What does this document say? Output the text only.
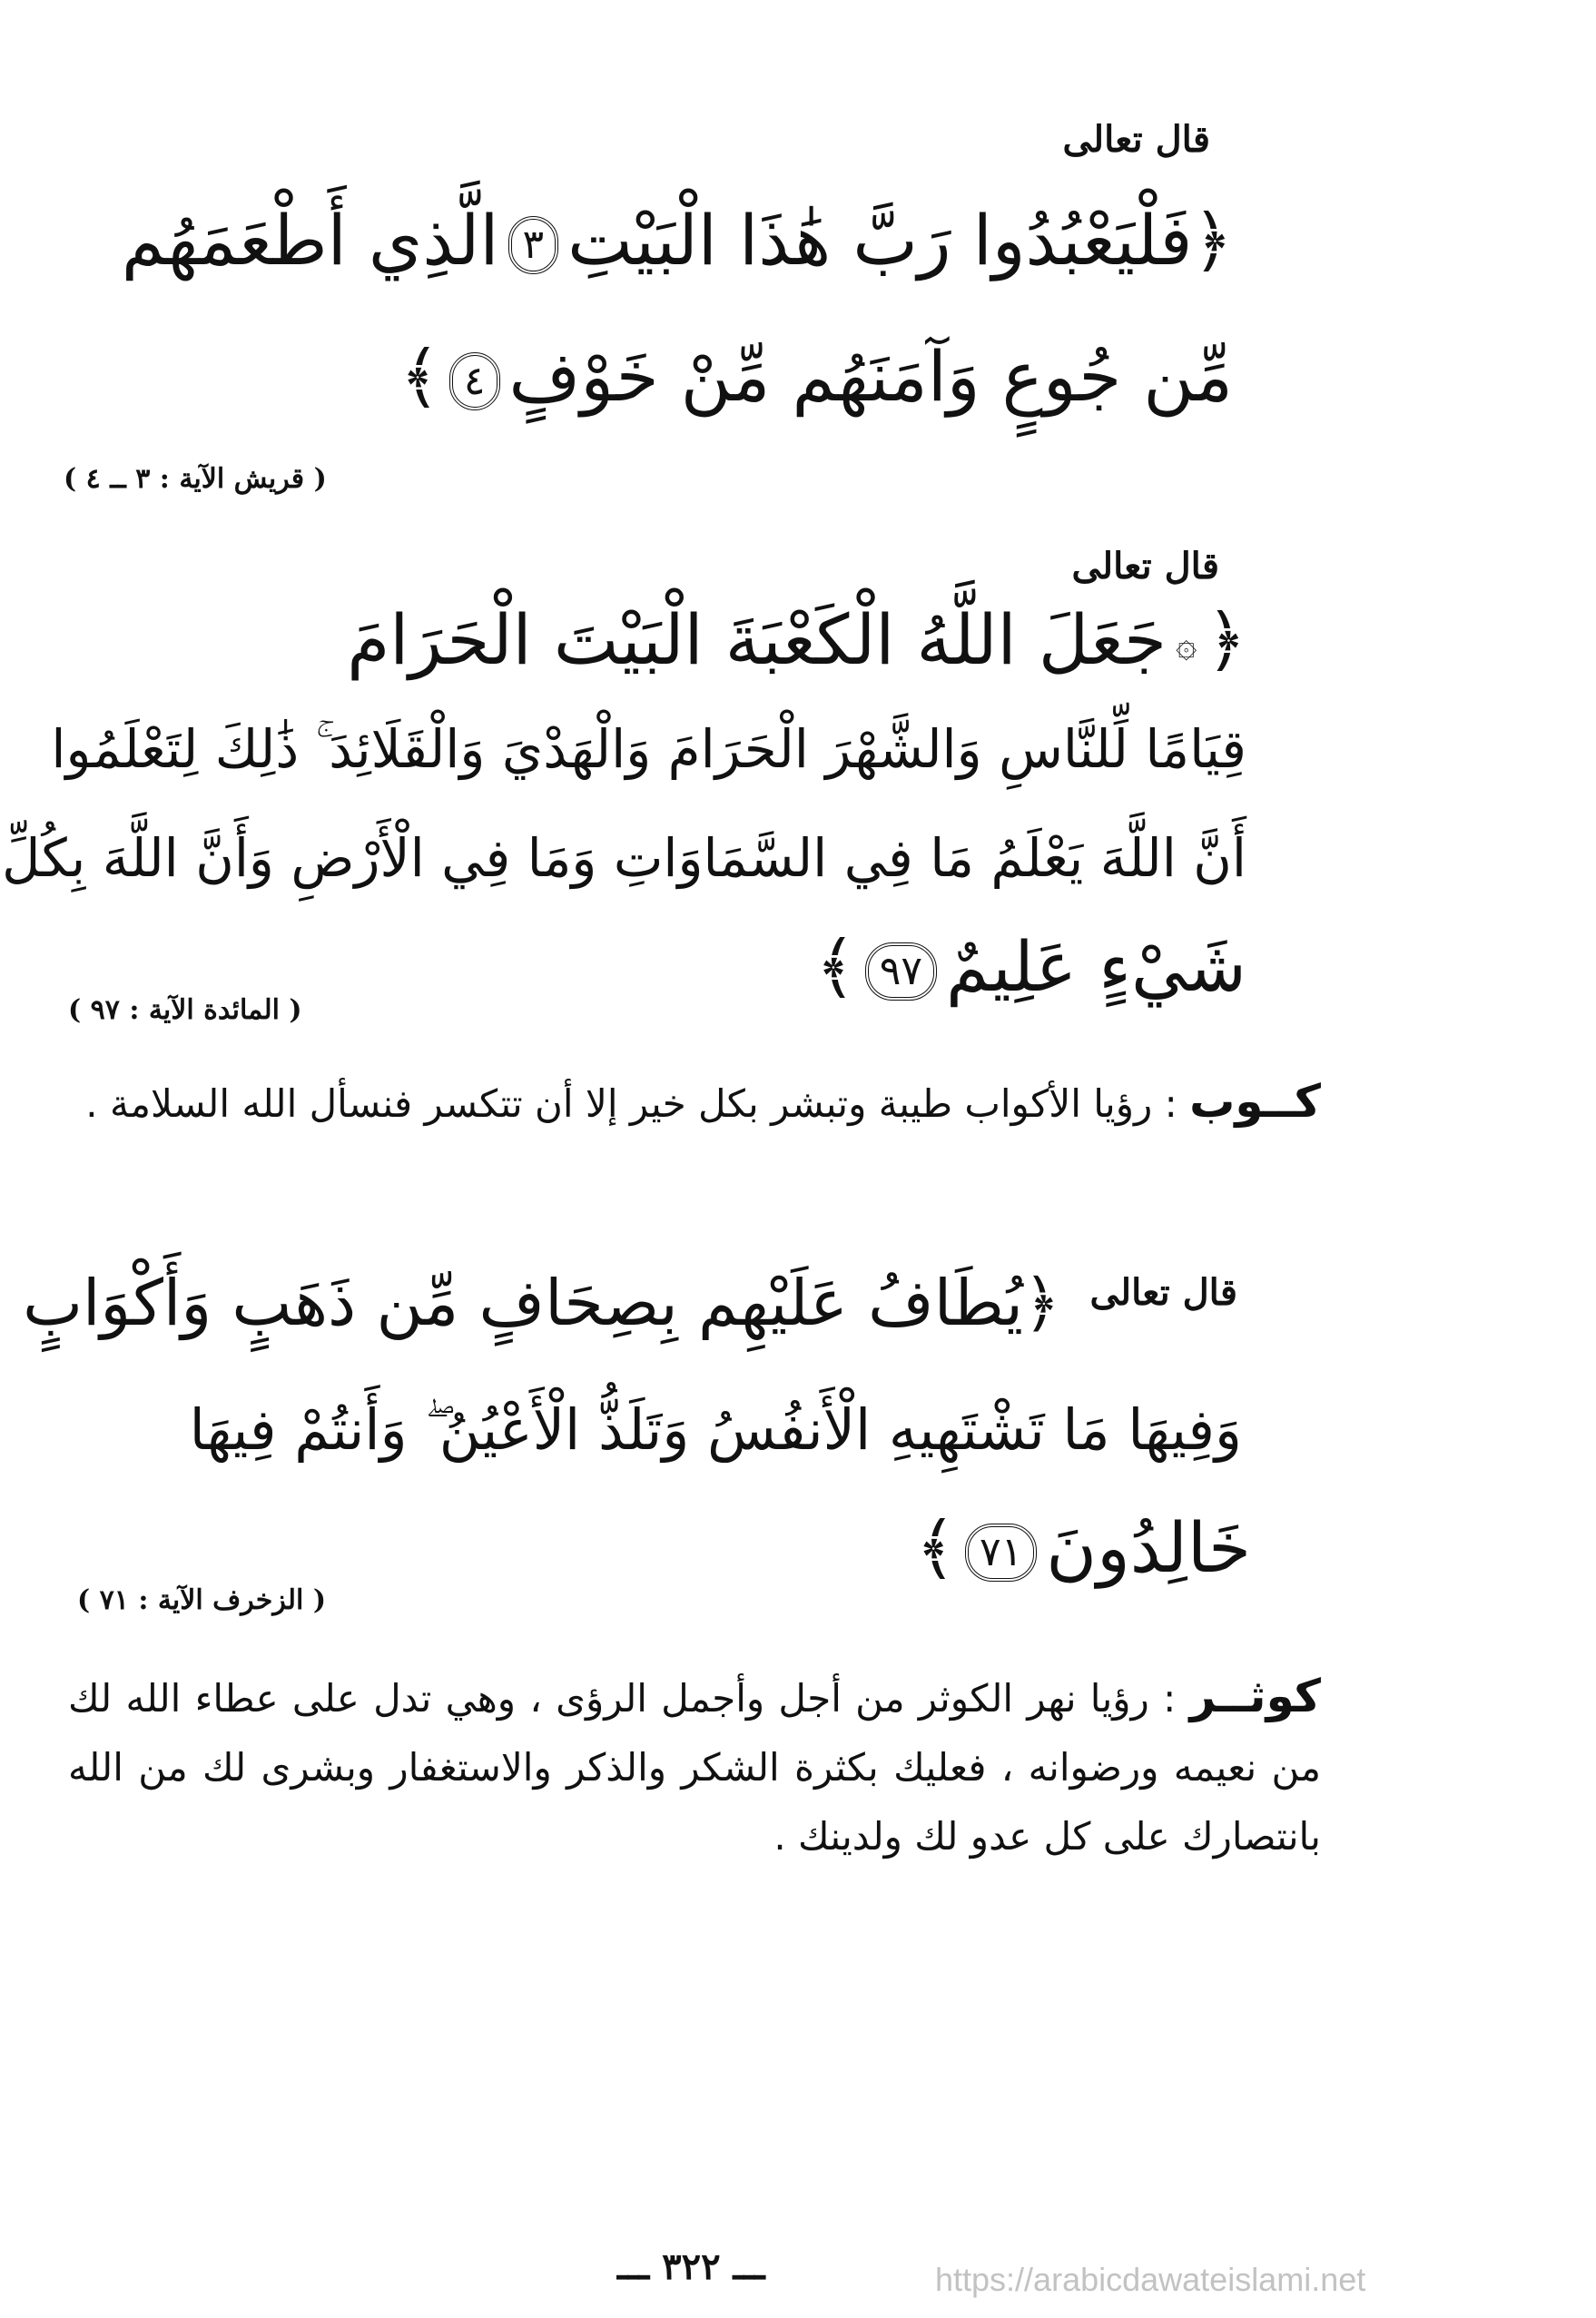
قال تعالى
﴿فَلْيَعْبُدُوا رَبَّ هَٰذَا الْبَيْتِ٣الَّذِي أَطْعَمَهُم
مِّن جُوعٍ وَآمَنَهُم مِّنْ خَوْفٍ٤﴾
( قريش الآية : ٣ ــ ٤ )
قال تعالى
﴿۞جَعَلَ اللَّهُ الْكَعْبَةَ الْبَيْتَ الْحَرَامَ
قِيَامًا لِّلنَّاسِ وَالشَّهْرَ الْحَرَامَ وَالْهَدْيَ وَالْقَلَائِدَ ۚ ذَٰلِكَ لِتَعْلَمُوا
أَنَّ اللَّهَ يَعْلَمُ مَا فِي السَّمَاوَاتِ وَمَا فِي الْأَرْضِ وَأَنَّ اللَّهَ بِكُلِّ
شَيْءٍ عَلِيمٌ٩٧﴾
( المائدة الآية : ٩٧ )
كــوب : رؤيا الأكواب طيبة وتبشر بكل خير إلا أن تتكسر فنسأل الله السلامة .
قال تعالى
﴿يُطَافُ عَلَيْهِم بِصِحَافٍ مِّن ذَهَبٍ وَأَكْوَابٍ
وَفِيهَا مَا تَشْتَهِيهِ الْأَنفُسُ وَتَلَذُّ الْأَعْيُنُ ۖ وَأَنتُمْ فِيهَا
خَالِدُونَ٧١﴾
( الزخرف الآية : ٧١ )
كوثــر : رؤيا نهر الكوثر من أجل وأجمل الرؤى ، وهي تدل على عطاء الله لك من نعيمه ورضوانه ، فعليك بكثرة الشكر والذكر والاستغفار وبشرى لك من الله بانتصارك على كل عدو لك ولدينك .
ـــ ٣٢٢ ـــ	https://arabicdawateislami.net
